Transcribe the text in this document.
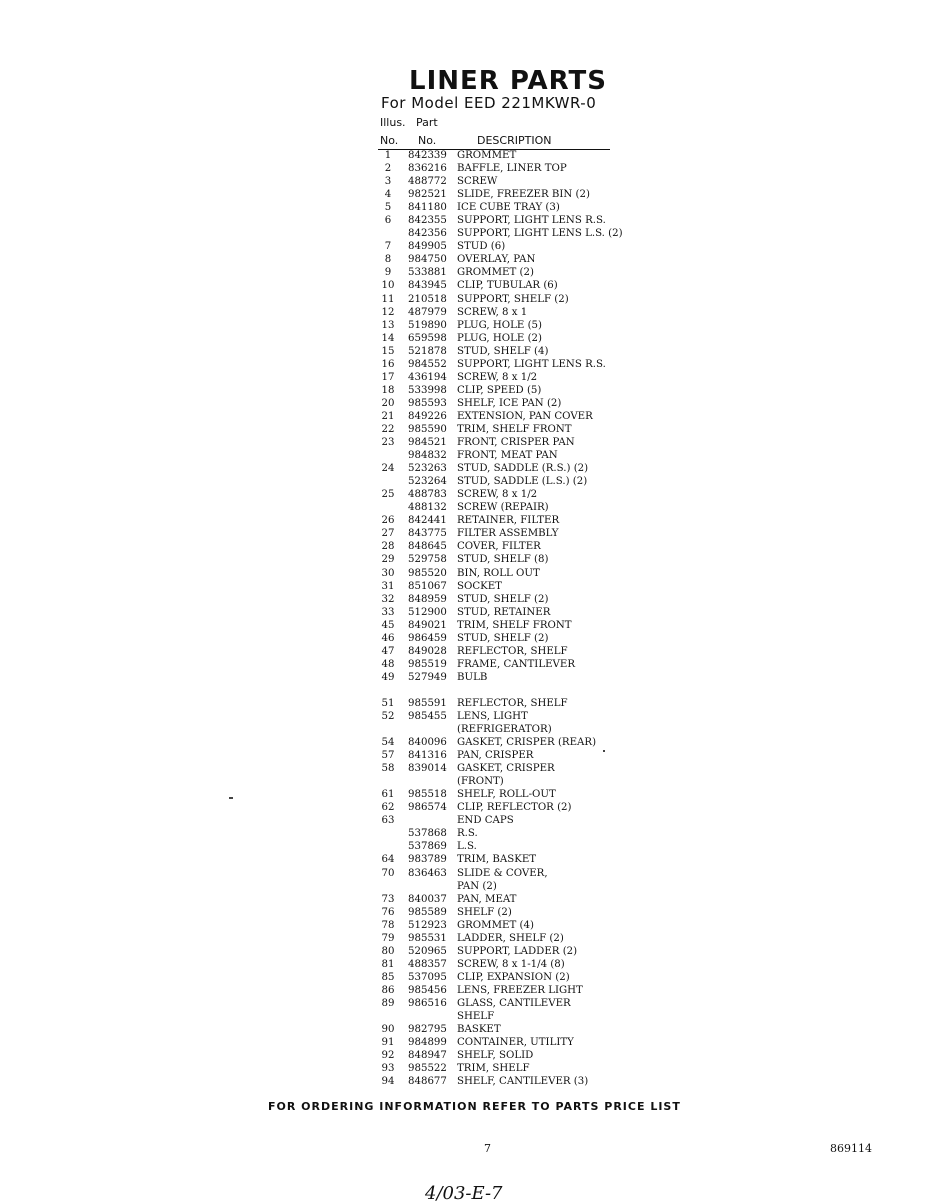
LINER PARTS
For Model EED 221MKWR-0
Illus. Part
No. No.	DESCRIPTION
1	842339 GROMMET
2	836216 BAFFLE, LINER TOP
3	488772 SCREW
4	982521 SLIDE, FREEZER BIN (2)
5	841180 ICE CUBE TRAY (3)
6	842355 SUPPORT, LIGHT LENS R.S.
842356 SUPPORT, LIGHT LENS L.S. (2)
7	849905 STUD (6)
8	984750 OVERLAY, PAN
9	533881 GROMMET (2)
10	843945 CLIP, TUBULAR (6)
11	210518 SUPPORT, SHELF (2)
12	487979 SCREW, 8 x 1
13	519890 PLUG, HOLE (5)
14	659598 PLUG, HOLE (2)
15	521878 STUD, SHELF (4)
16	984552 SUPPORT, LIGHT LENS R.S.
17	436194 SCREW, 8 x 1/2
18	533998 CLIP, SPEED (5)
20	985593 SHELF, ICE PAN (2)
21	849226 EXTENSION, PAN COVER
22	985590 TRIM, SHELF FRONT
23	984521 FRONT, CRISPER PAN
984832 FRONT, MEAT PAN
24	523263 STUD, SADDLE (R.S.) (2)
523264 STUD, SADDLE (L.S.) (2)
25	488783 SCREW, 8 x 1/2
488132 SCREW (REPAIR)
26	842441 RETAINER, FILTER
27	843775 FILTER ASSEMBLY
28	848645 COVER, FILTER
29	529758 STUD, SHELF (8)
30	985520 BIN, ROLL OUT
31	851067 SOCKET
32	848959 STUD, SHELF (2)
33	512900 STUD, RETAINER
45	849021 TRIM, SHELF FRONT
46	986459 STUD, SHELF (2)
47	849028 REFLECTOR, SHELF
48	985519 FRAME, CANTILEVER
49	527949 BULB
51	985591 REFLECTOR, SHELF
52	985455 LENS, LIGHT
(REFRIGERATOR)
54	840096 GASKET, CRISPER (REAR)
57	841316 PAN, CRISPER
58	839014 GASKET, CRISPER
(FRONT)
61	985518 SHELF, ROLL-OUT
62	986574 CLIP, REFLECTOR (2)
63	END CAPS
537868 R.S.
537869 L.S.
64	983789 TRIM, BASKET
70	836463 SLIDE & COVER,
PAN (2)
73	840037 PAN, MEAT
76	985589 SHELF (2)
78	512923 GROMMET (4)
79	985531 LADDER, SHELF (2)
80	520965 SUPPORT, LADDER (2)
81	488357 SCREW, 8 x 1-1/4 (8)
85	537095 CLIP, EXPANSION (2)
86	985456 LENS, FREEZER LIGHT
89	986516 GLASS, CANTILEVER
SHELF
90	982795 BASKET
91	984899 CONTAINER, UTILITY
92	848947 SHELF, SOLID
93	985522 TRIM, SHELF
94	848677 SHELF, CANTILEVER (3)
FOR ORDERING INFORMATION REFER TO PARTS PRICE LIST
7	869114
4/03-E-7
